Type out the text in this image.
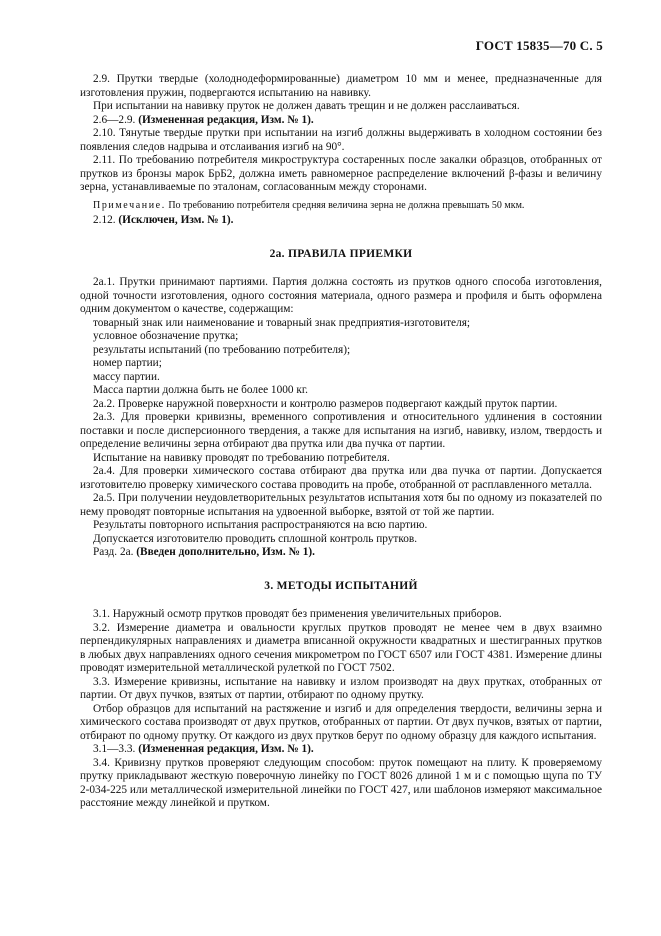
ГОСТ 15835—70 С. 5

2.9. Прутки твердые (холоднодеформированные) диаметром 10 мм и менее, предназначенные для изготовления пружин, подвергаются испытанию на навивку.

При испытании на навивку пруток не должен давать трещин и не должен расслаиваться.

2.6—2.9. (Измененная редакция, Изм. № 1).

2.10. Тянутые твердые прутки при испытании на изгиб должны выдерживать в холодном состоянии без появления следов надрыва и отслаивания изгиб на 90°.

2.11. По требованию потребителя микроструктура состаренных после закалки образцов, отобранных от прутков из бронзы марок БрБ2, должна иметь равномерное распределение включений β-фазы и величину зерна, устанавливаемые по эталонам, согласованным между сторонами.

Примечание. По требованию потребителя средняя величина зерна не должна превышать 50 мкм.

2.12. (Исключен, Изм. № 1).

2а. ПРАВИЛА ПРИЕМКИ

2а.1. Прутки принимают партиями. Партия должна состоять из прутков одного способа изготовления, одной точности изготовления, одного состояния материала, одного размера и профиля и быть оформлена одним документом о качестве, содержащим:

товарный знак или наименование и товарный знак предприятия-изготовителя;

условное обозначение прутка;

результаты испытаний (по требованию потребителя);

номер партии;

массу партии.

Масса партии должна быть не более 1000 кг.

2а.2. Проверке наружной поверхности и контролю размеров подвергают каждый пруток партии.

2а.3. Для проверки кривизны, временного сопротивления и относительного удлинения в состоянии поставки и после дисперсионного твердения, а также для испытания на изгиб, навивку, излом, твердость и определение величины зерна отбирают два прутка или два пучка от партии.

Испытание на навивку проводят по требованию потребителя.

2а.4. Для проверки химического состава отбирают два прутка или два пучка от партии. Допускается изготовителю проверку химического состава проводить на пробе, отобранной от расплавленного металла.

2а.5. При получении неудовлетворительных результатов испытания хотя бы по одному из показателей по нему проводят повторные испытания на удвоенной выборке, взятой от той же партии.

Результаты повторного испытания распространяются на всю партию.

Допускается изготовителю проводить сплошной контроль прутков.

Разд. 2а. (Введен дополнительно, Изм. № 1).

3. МЕТОДЫ ИСПЫТАНИЙ

3.1. Наружный осмотр прутков проводят без применения увеличительных приборов.

3.2. Измерение диаметра и овальности круглых прутков проводят не менее чем в двух взаимно перпендикулярных направлениях и диаметра вписанной окружности квадратных и шестигранных прутков в любых двух направлениях одного сечения микрометром по ГОСТ 6507 или ГОСТ 4381. Измерение длины проводят измерительной металлической рулеткой по ГОСТ 7502.

3.3. Измерение кривизны, испытание на навивку и излом производят на двух прутках, отобранных от партии. От двух пучков, взятых от партии, отбирают по одному прутку.

Отбор образцов для испытаний на растяжение и изгиб и для определения твердости, величины зерна и химического состава производят от двух прутков, отобранных от партии. От двух пучков, взятых от партии, отбирают по одному прутку. От каждого из двух прутков берут по одному образцу для каждого испытания.

3.1—3.3. (Измененная редакция, Изм. № 1).

3.4. Кривизну прутков проверяют следующим способом: пруток помещают на плиту. К проверяемому прутку прикладывают жесткую поверочную линейку по ГОСТ 8026 длиной 1 м и с помощью щупа по ТУ 2-034-225 или металлической измерительной линейки по ГОСТ 427, или шаблонов измеряют максимальное расстояние между линейкой и прутком.
